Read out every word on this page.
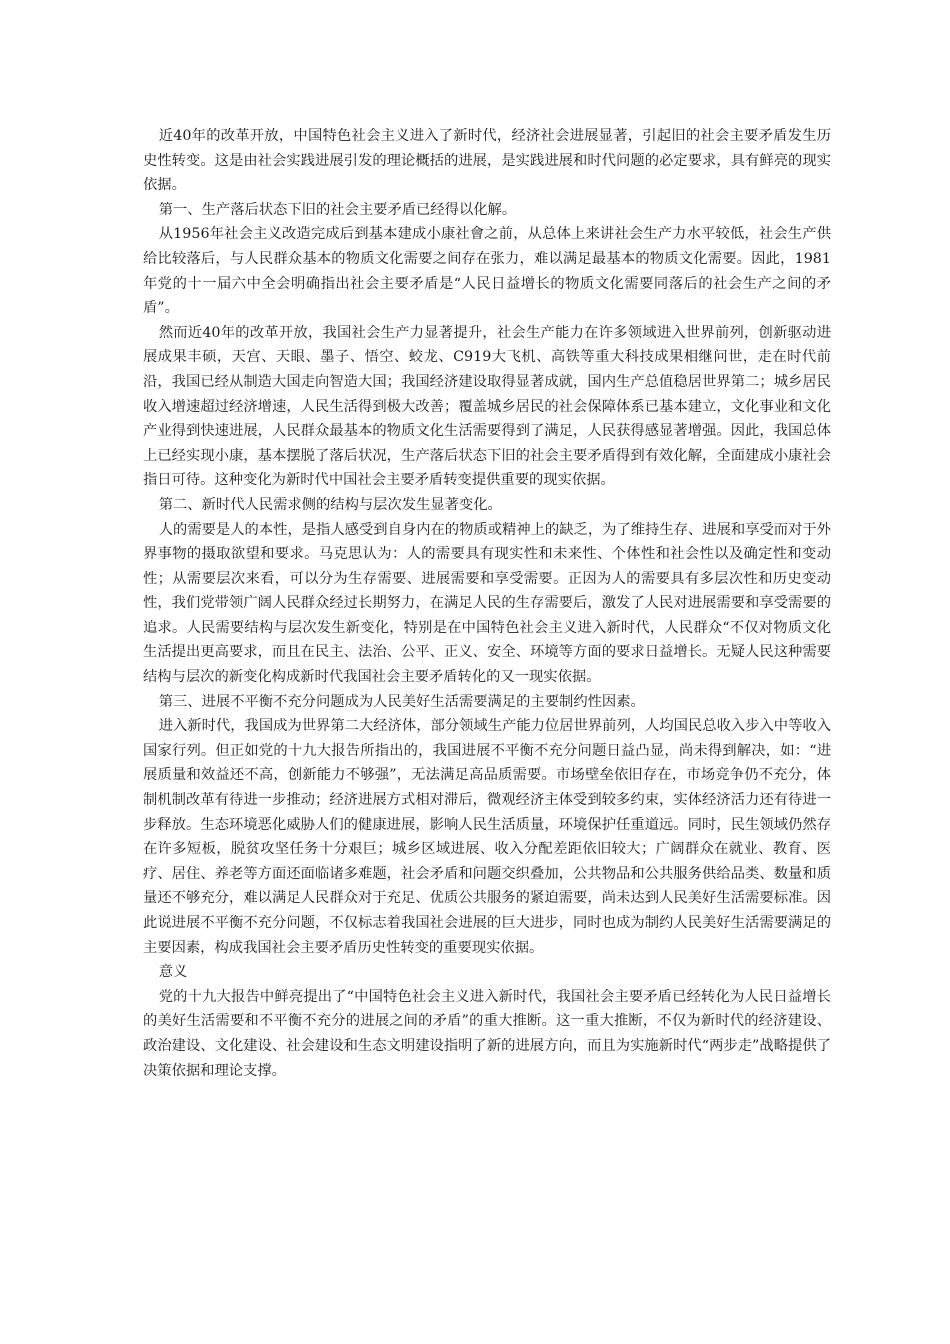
近40年的改革开放，中国特色社会主义进入了新时代，经济社会进展显著，引起旧的社会主要矛盾发生历史性转变。这是由社会实践进展引发的理论概括的进展，是实践进展和时代问题的必定要求，具有鲜亮的现实依据。

第一、生产落后状态下旧的社会主要矛盾已经得以化解。

从1956年社会主义改造完成后到基本建成小康社會之前，从总体上来讲社会生产力水平较低，社会生产供给比较落后，与人民群众基本的物质文化需要之间存在张力，难以满足最基本的物质文化需要。因此，1981年党的十一届六中全会明确指出社会主要矛盾是“人民日益增长的物质文化需要同落后的社会生产之间的矛盾”。

然而近40年的改革开放，我国社会生产力显著提升，社会生产能力在许多领域进入世界前列，创新驱动进展成果丰硕，天宫、天眼、墨子、悟空、蛟龙、C919大飞机、高铁等重大科技成果相继问世，走在时代前沿，我国已经从制造大国走向智造大国；我国经济建设取得显著成就，国内生产总值稳居世界第二；城乡居民收入增速超过经济增速，人民生活得到极大改善；覆盖城乡居民的社会保障体系已基本建立，文化事业和文化产业得到快速进展，人民群众最基本的物质文化生活需要得到了满足，人民获得感显著增强。因此，我国总体上已经实现小康，基本摆脱了落后状况，生产落后状态下旧的社会主要矛盾得到有效化解，全面建成小康社会指日可待。这种变化为新时代中国社会主要矛盾转变提供重要的现实依据。

第二、新时代人民需求侧的结构与层次发生显著变化。

人的需要是人的本性，是指人感受到自身内在的物质或精神上的缺乏，为了维持生存、进展和享受而对于外界事物的摄取欲望和要求。马克思认为：人的需要具有现实性和未来性、个体性和社会性以及确定性和变动性；从需要层次来看，可以分为生存需要、进展需要和享受需要。正因为人的需要具有多层次性和历史变动性，我们党带领广阔人民群众经过长期努力，在满足人民的生存需要后，激发了人民对进展需要和享受需要的追求。人民需要结构与层次发生新变化，特别是在中国特色社会主义进入新时代，人民群众“不仅对物质文化生活提出更高要求，而且在民主、法治、公平、正义、安全、环境等方面的要求日益增长。无疑人民这种需要结构与层次的新变化构成新时代我国社会主要矛盾转化的又一现实依据。

第三、进展不平衡不充分问题成为人民美好生活需要满足的主要制约性因素。

进入新时代，我国成为世界第二大经济体，部分领域生产能力位居世界前列，人均国民总收入步入中等收入国家行列。但正如党的十九大报告所指出的，我国进展不平衡不充分问题日益凸显，尚未得到解决，如：“进展质量和效益还不高，创新能力不够强”，无法满足高品质需要。市场壁垒依旧存在，市场竞争仍不充分，体制机制改革有待进一步推动；经济进展方式相对滞后，微观经济主体受到较多约束，实体经济活力还有待进一步释放。生态环境恶化威胁人们的健康进展，影响人民生活质量，环境保护任重道远。同时，民生领域仍然存在许多短板，脱贫攻坚任务十分艰巨；城乡区域进展、收入分配差距依旧较大；广阔群众在就业、教育、医疗、居住、养老等方面还面临诸多难题，社会矛盾和问题交织叠加，公共物品和公共服务供给品类、数量和质量还不够充分，难以满足人民群众对于充足、优质公共服务的紧迫需要，尚未达到人民美好生活需要标准。因此说进展不平衡不充分问题，不仅标志着我国社会进展的巨大进步，同时也成为制约人民美好生活需要满足的主要因素，构成我国社会主要矛盾历史性转变的重要现实依据。

意义

党的十九大报告中鲜亮提出了“中国特色社会主义进入新时代，我国社会主要矛盾已经转化为人民日益增长的美好生活需要和不平衡不充分的进展之间的矛盾”的重大推断。这一重大推断，不仅为新时代的经济建设、政治建设、文化建设、社会建设和生态文明建设指明了新的进展方向，而且为实施新时代“两步走”战略提供了决策依据和理论支撑。
